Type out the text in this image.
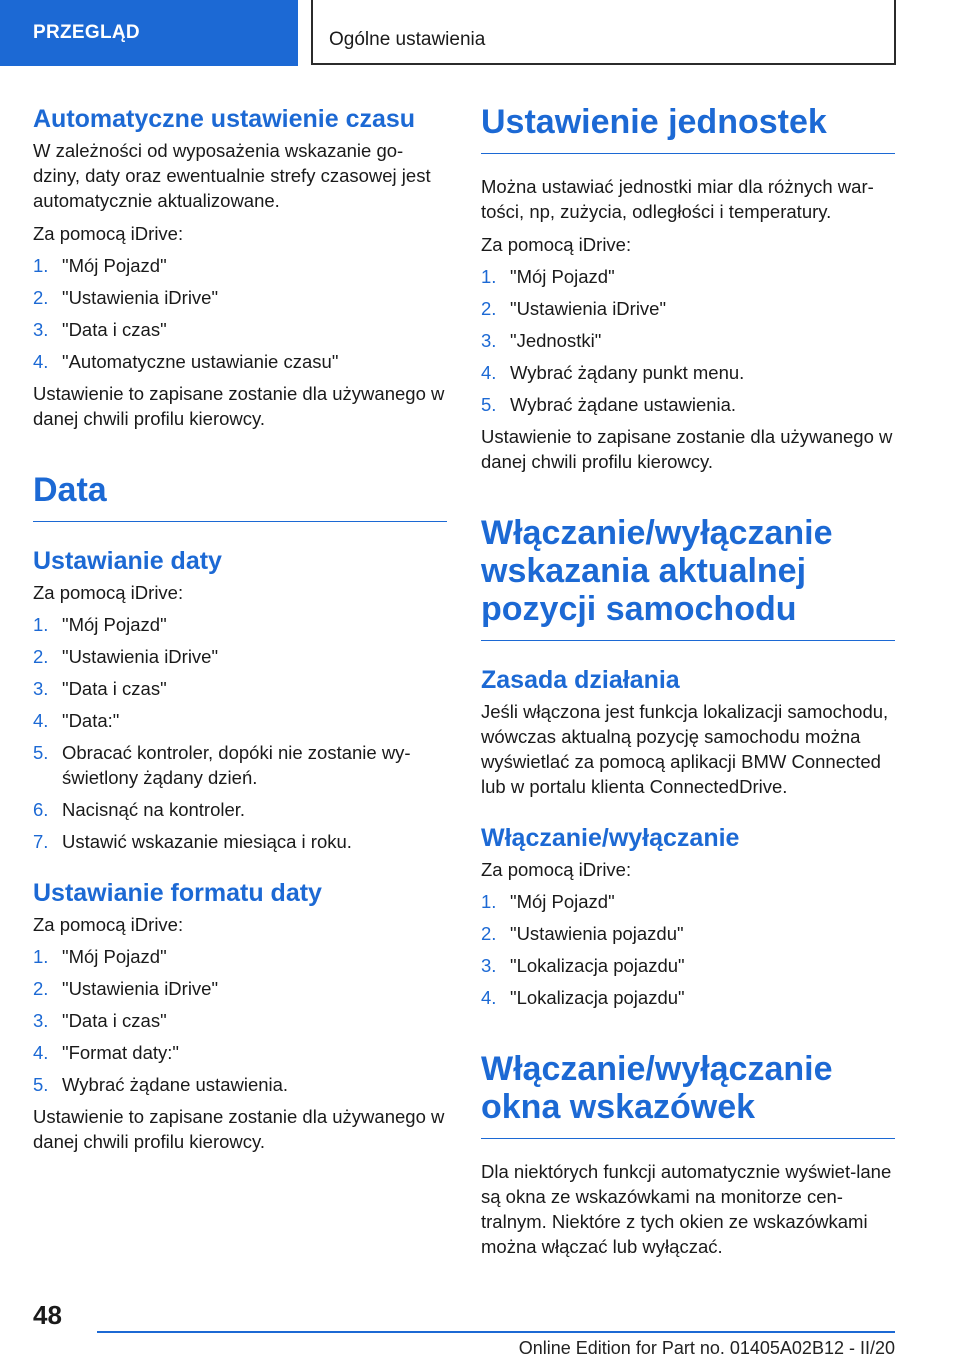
PRZEGLĄD	Ogólne ustawienia
Automatyczne ustawienie czasu

W zależności od wyposażenia wskazanie go-dziny, daty oraz ewentualnie strefy czasowej jest automatycznie aktualizowane.

Za pomocą iDrive:

1. "Mój Pojazd"
2. "Ustawienia iDrive"
3. "Data i czas"
4. "Automatyczne ustawianie czasu"

Ustawienie to zapisane zostanie dla używanego w danej chwili profilu kierowcy.

Data
Ustawianie daty

Za pomocą iDrive:

1. "Mój Pojazd"
2. "Ustawienia iDrive"
3. "Data i czas"
4. "Data:"
5. Obracać kontroler, dopóki nie zostanie wy-świetlony żądany dzień.
6. Nacisnąć na kontroler.
7. Ustawić wskazanie miesiąca i roku.
Ustawianie formatu daty

Za pomocą iDrive:

1. "Mój Pojazd"
2. "Ustawienia iDrive"
3. "Data i czas"
4. "Format daty:"
5. Wybrać żądane ustawienia.

Ustawienie to zapisane zostanie dla używanego w danej chwili profilu kierowcy.

Ustawienie jednostek

Można ustawiać jednostki miar dla różnych war-tości, np, zużycia, odległości i temperatury.

Za pomocą iDrive:

1. "Mój Pojazd"
2. "Ustawienia iDrive"
3. "Jednostki"
4. Wybrać żądany punkt menu.
5. Wybrać żądane ustawienia.

Ustawienie to zapisane zostanie dla używanego w danej chwili profilu kierowcy.

Włączanie/wyłączanie wskazania aktualnej pozycji samochodu
Zasada działania

Jeśli włączona jest funkcja lokalizacji samochodu, wówczas aktualną pozycję samochodu można wyświetlać za pomocą aplikacji BMW Connected lub w portalu klienta ConnectedDrive.

Włączanie/wyłączanie

Za pomocą iDrive:

1. "Mój Pojazd"
2. "Ustawienia pojazdu"
3. "Lokalizacja pojazdu"
4. "Lokalizacja pojazdu"
Włączanie/wyłączanie okna wskazówek

Dla niektórych funkcji automatycznie wyświet-lane są okna ze wskazówkami na monitorze cen-tralnym. Niektóre z tych okien ze wskazówkami można włączać lub wyłączać.

48
Online Edition for Part no. 01405A02B12 - II/20
